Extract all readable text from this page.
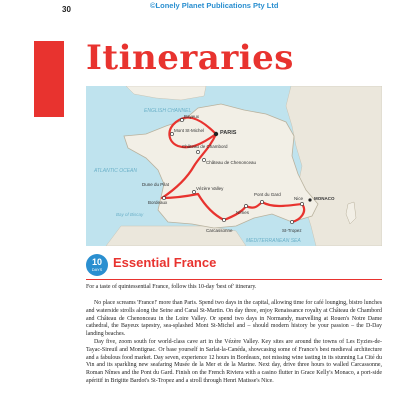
30	©Lonely Planet Publications Pty Ltd
Itineraries
PARIS
Bayeux
Mont St-Michel
Château de Chambord
Château de Chenonceau
Vézère Valley
Dune du Pilat
Bordeaux
Carcassonne
Nîmes
Pont du Gard
Nice MONACO
St-Tropez
ENGLISH CHANNEL
ATLANTIC OCEAN
Bay of Biscay
MEDITERRANEAN SEA
10
DAYS Essential France

For a taste of quintessential France, follow this 10-day 'best of' itinerary.

No place screams 'France!' more than Paris. Spend two days in the capital, allowing time for café lounging, bistro lunches and waterside strolls along the Seine and Canal St-Martin. On day three, enjoy Renaissance royalty at Château de Chambord and Château de Chenonceau in the Loire Valley. Or spend two days in Normandy, marvelling at Rouen's Notre Dame cathedral, the Bayeux tapestry, sea-splashed Mont St-Michel and – should modern history be your passion – the D-Day landing beaches.

Day five, zoom south for world-class cave art in the Vézère Valley. Key sites are around the towns of Les Eyzies-de-Tayac-Sireuil and Montignac. Or base yourself in Sarlat-la-Canéda, showcasing some of France's best medieval architecture and a fabulous food market. Day seven, experience 12 hours in Bordeaux, not missing wine tasting in its stunning La Cité du Vin and its sparkling new seafaring Musée de la Mer et de la Marine. Next day, drive three hours to walled Carcassonne, Roman Nîmes and the Pont du Gard. Finish on the French Riviera with a casino flutter in Grace Kelly's Monaco, a port-side apéritif in Brigitte Bardot's St-Tropez and a stroll through Henri Matisse's Nice.
